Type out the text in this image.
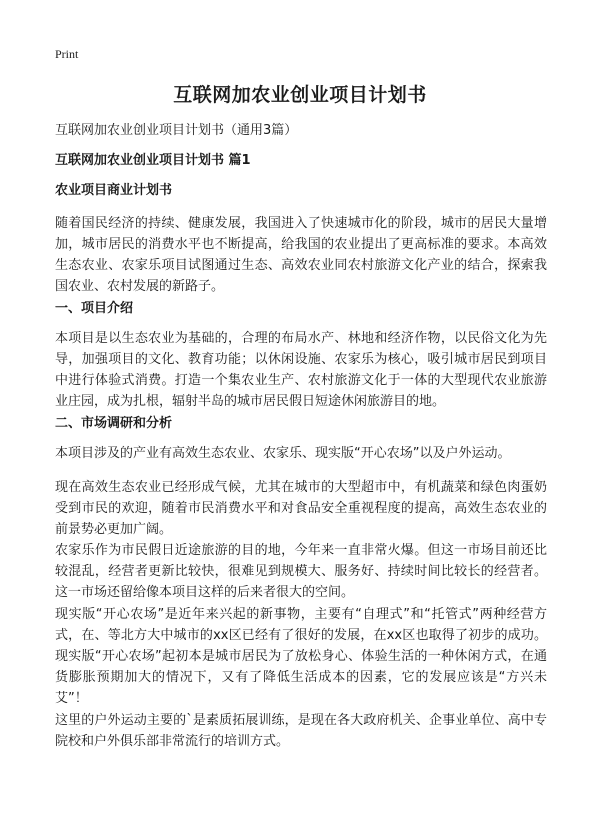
Print
互联网加农业创业项目计划书

互联网加农业创业项目计划书（通用3篇）

互联网加农业创业项目计划书 篇1

农业项目商业计划书

随着国民经济的持续、健康发展，我国进入了快速城市化的阶段，城市的居民大量增加，城市居民的消费水平也不断提高，给我国的农业提出了更高标准的要求。本高效生态农业、农家乐项目试图通过生态、高效农业同农村旅游文化产业的结合，探索我国农业、农村发展的新路子。

一、项目介绍

本项目是以生态农业为基础的，合理的布局水产、林地和经济作物，以民俗文化为先导，加强项目的文化、教育功能；以休闲设施、农家乐为核心，吸引城市居民到项目中进行体验式消费。打造一个集农业生产、农村旅游文化于一体的大型现代农业旅游业庄园，成为扎根，辐射半岛的城市居民假日短途休闲旅游目的地。

二、市场调研和分析

本项目涉及的产业有高效生态农业、农家乐、现实版“开心农场”以及户外运动。

现在高效生态农业已经形成气候，尤其在城市的大型超市中，有机蔬菜和绿色肉蛋奶受到市民的欢迎，随着市民消费水平和对食品安全重视程度的提高，高效生态农业的前景势必更加广阔。

农家乐作为市民假日近途旅游的目的地，今年来一直非常火爆。但这一市场目前还比较混乱，经营者更新比较快，很难见到规模大、服务好、持续时间比较长的经营者。这一市场还留给像本项目这样的后来者很大的空间。

现实版“开心农场”是近年来兴起的新事物，主要有“自理式”和“托管式”两种经营方式，在、等北方大中城市的xx区已经有了很好的发展，在xx区也取得了初步的成功。现实版“开心农场”起初本是城市居民为了放松身心、体验生活的一种休闲方式，在通货膨胀预期加大的情况下，又有了降低生活成本的因素，它的发展应该是“方兴未艾”！

这里的户外运动主要的`是素质拓展训练，是现在各大政府机关、企事业单位、高中专院校和户外俱乐部非常流行的培训方式。
